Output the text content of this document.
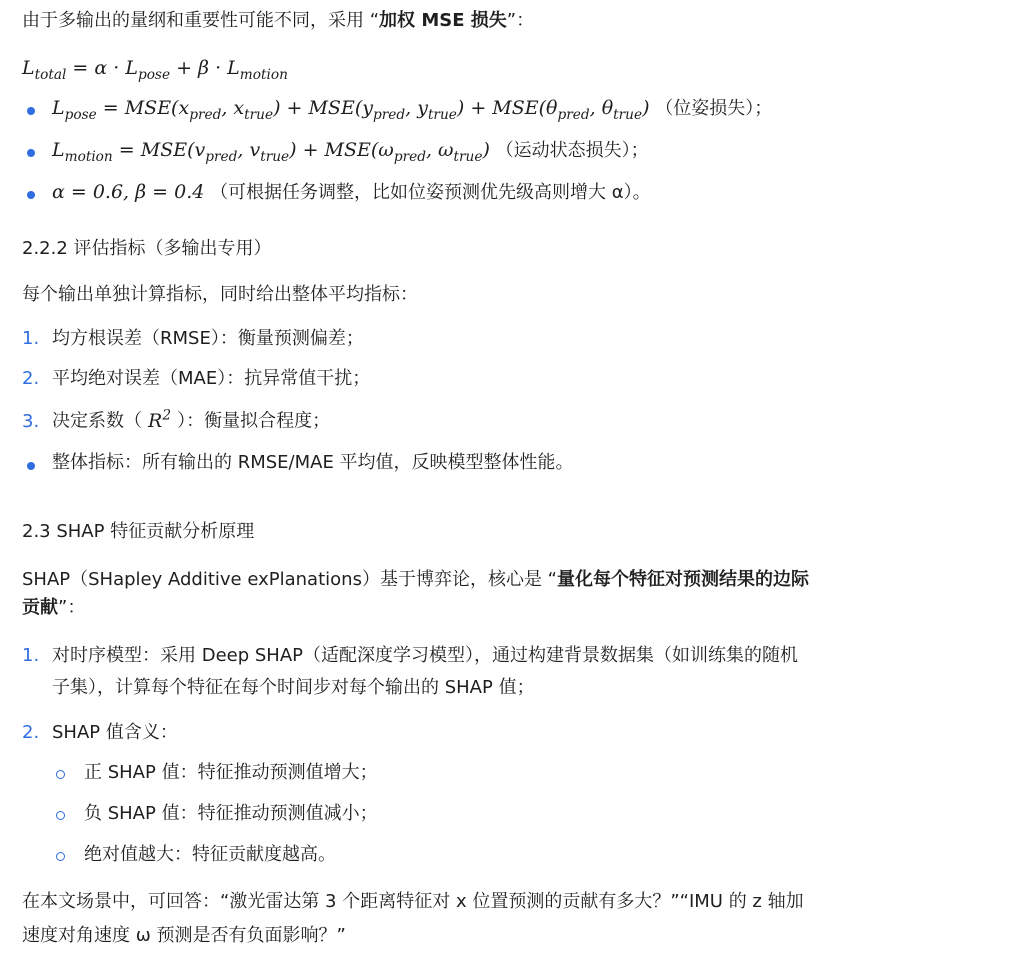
由于多输出的量纲和重要性可能不同，采用 “加权 MSE 损失”：
$L_{total} = \alpha \cdot L_{pose} + \beta \cdot L_{motion}$
$L_{pose} = MSE(x_{pred}$, $x_{true}) + MSE(y_{pred}$, $y_{true}) + MSE(\theta_{pred}$, $\theta_{true}$) （位姿损失）；
$L_{motion} = MSE(v_{pred}$, $v_{true}) + MSE(\omega_{pred}$, $\omega_{true}$) （运动状态损失）；
α = 0.6, β = 0.4 （可根据任务调整，比如位姿预测优先级高则增大 α）。
2.2.2 评估指标（多输出专用）
每个输出单独计算指标，同时给出整体平均指标：
1. 均方根误差（RMSE）：衡量预测偏差；
2. 平均绝对误差（MAE）：抗异常值干扰；
3. 决定系数（ $R^2$ ）：衡量拟合程度；
整体指标：所有输出的 RMSE/MAE 平均值，反映模型整体性能。
2.3 SHAP 特征贡献分析原理
SHAP（SHapley Additive exPlanations）基于博弈论，核心是 “量化每个特征对预测结果的边际
贡献”：
1. 对时序模型：采用 Deep SHAP（适配深度学习模型），通过构建背景数据集（如训练集的随机
子集），计算每个特征在每个时间步对每个输出的 SHAP 值；
2. SHAP 值含义：
正 SHAP 值：特征推动预测值增大；
负 SHAP 值：特征推动预测值减小；
绝对值越大：特征贡献度越高。
在本文场景中，可回答：“激光雷达第 3 个距离特征对 x 位置预测的贡献有多大？”“IMU 的 z 轴加
速度对角速度 ω 预测是否有负面影响？”
